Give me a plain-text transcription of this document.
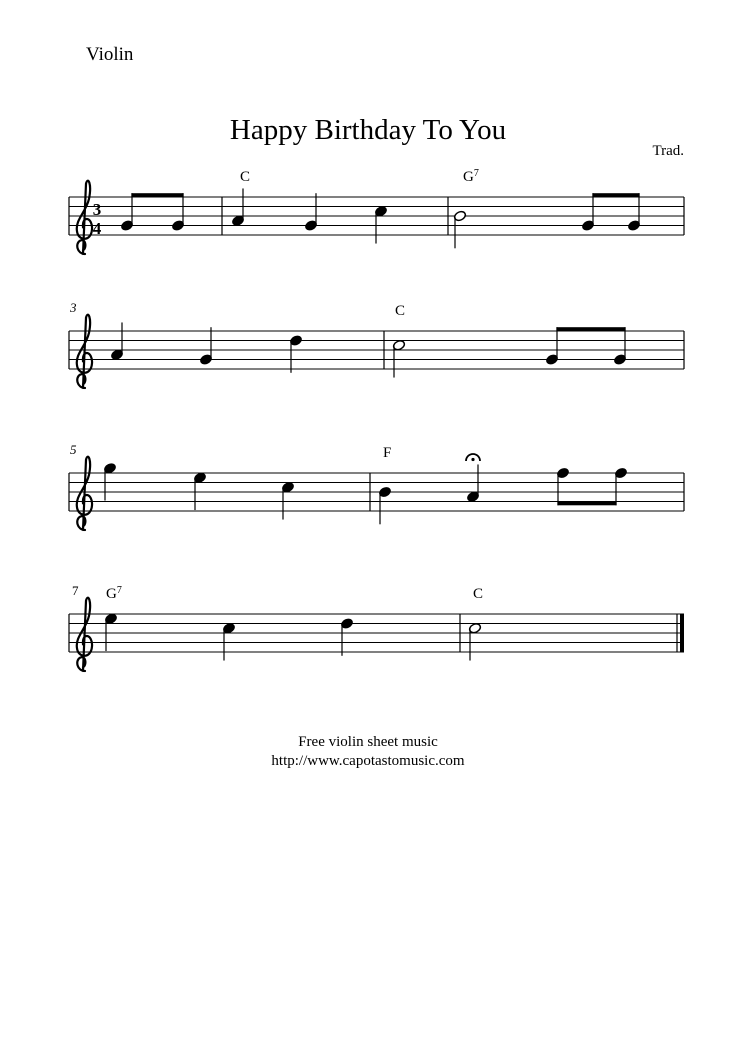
Violin
Happy Birthday To You
Trad.
3
4
C	$G^7$
3	C
5	F
7 $G^7$	C
Free violin sheet music
http://www.capotastomusic.com
